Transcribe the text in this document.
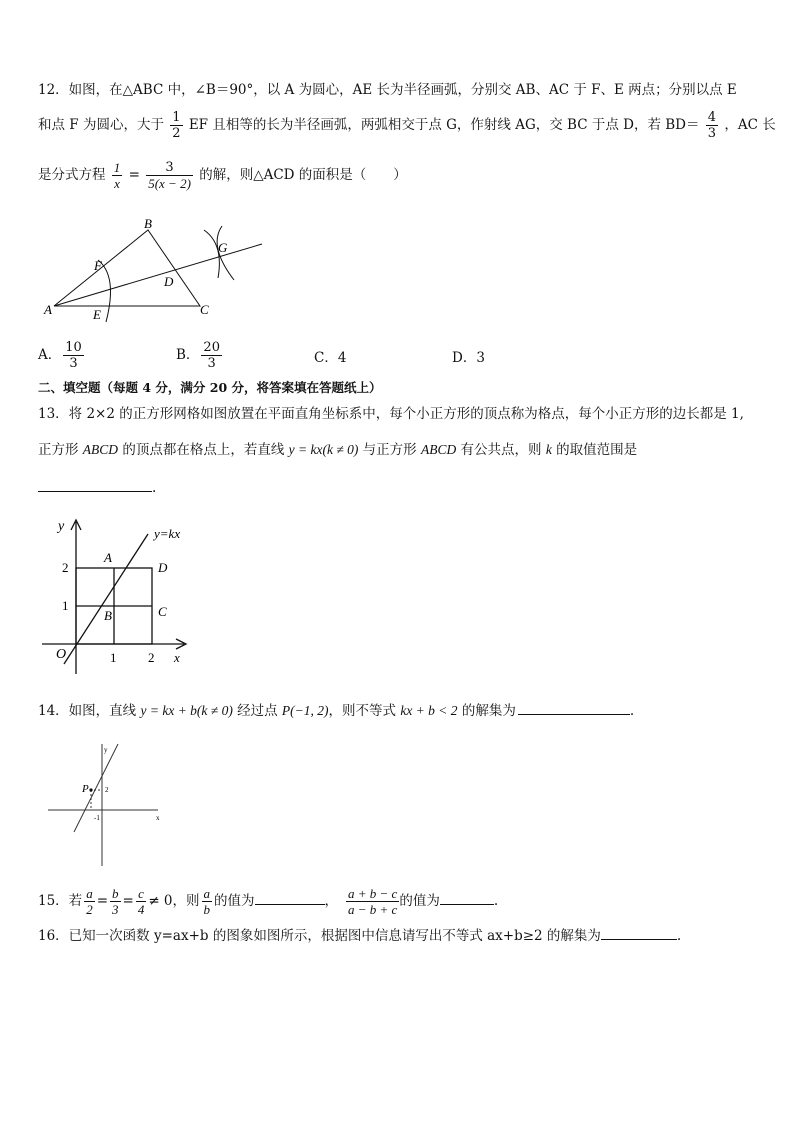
12．如图，在△ABC 中，∠B＝90°，以 A 为圆心，AE 长为半径画弧，分别交 AB、AC 于 F、E 两点；分别以点 E
和点 F 为圆心，大于 $\frac{1}{2}$ EF 且相等的长为半径画弧，两弧相交于点 G，作射线 AG，交 BC 于点 D，若 $BD= \frac{4}{3}$ ，AC 长
是分式方程 $\frac{1}{x} = \frac{3}{5(x - 2)}$ 的解，则△ACD 的面积是（　　）
A
B
C
D
E
F
G
A． $\frac{10}{3}$	B． $\frac{20}{3}$	C．4	D．3
二、填空题（每题 4 分，满分 20 分，将答案填在答题纸上）
13．将 2×2 的正方形网格如图放置在平面直角坐标系中，每个小正方形的顶点称为格点，每个小正方形的边长都是 1,
正方形 ABCD 的顶点都在格点上，若直线 y = kx(k ≠ 0) 与正方形 ABCD 有公共点，则 k 的取值范围是
.
y	y=kx
A
D
B	C
O	x
1 2
1
2
14．如图，直线 y = kx + b(k ≠ 0) 经过点 P(−1, 2)，则不等式 kx + b < 2 的解集为	.
P
y
x
2
-1
15．若 $\frac{a}{2} = \frac{b}{3} = \frac{c}{4} \ne 0$，则 $\frac{a}{b}$ 的值为	， $\frac{a + b - c}{a - b + c}$ 的值为	.
16．已知一次函数 y=ax+b 的图象如图所示，根据图中信息请写出不等式 ax+b≥2 的解集为	.
